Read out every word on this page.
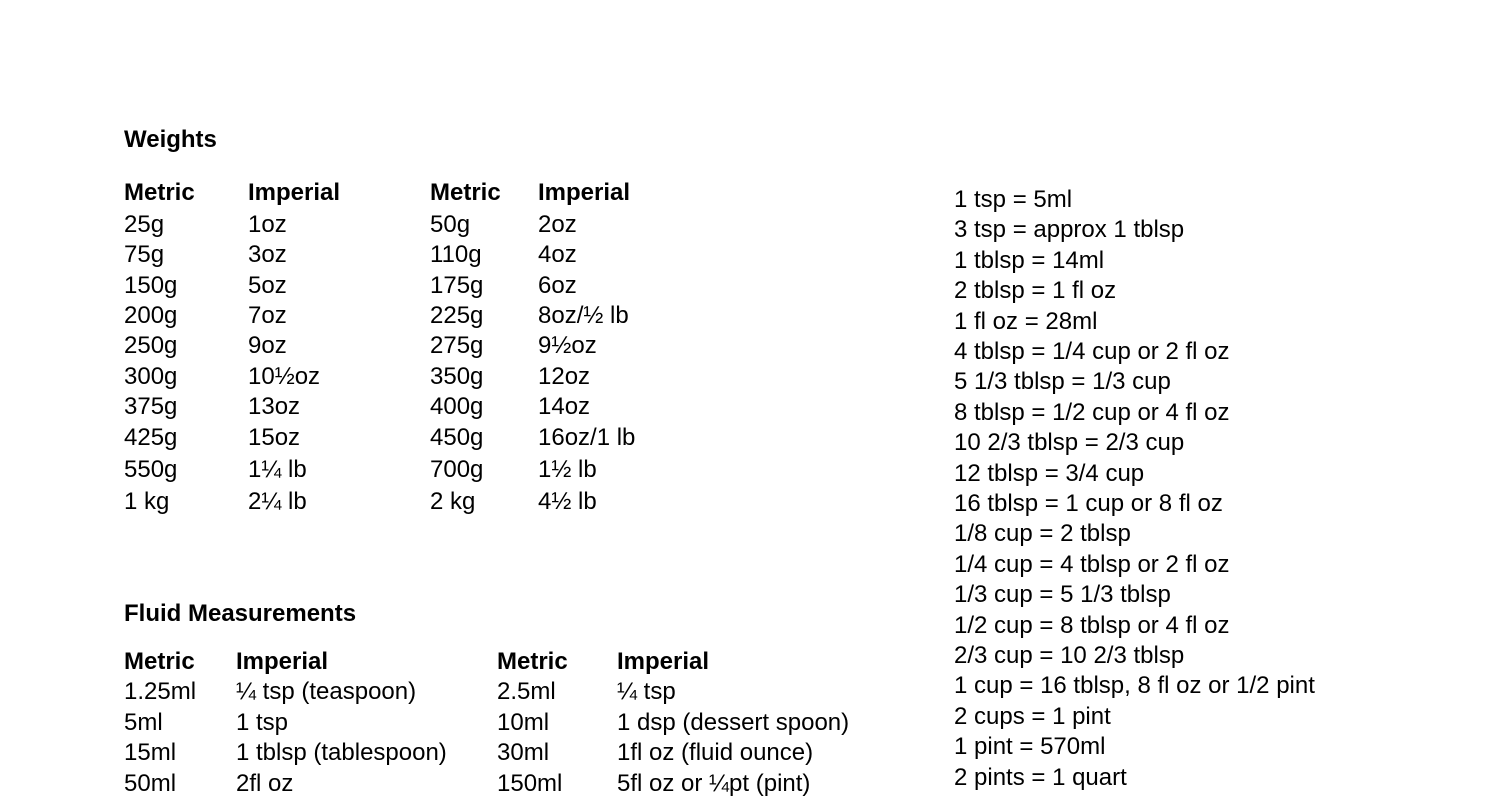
Weights
Metric Imperial	Metric Imperial
25g	1oz	50g	2oz
75g	3oz	110g 4oz
150g	5oz	175g 6oz
200g	7oz	225g 8oz/½ lb
250g	9oz	275g 9½oz
300g	10½oz	350g 12oz
375g	13oz	400g 14oz
425g	15oz	450g 16oz/1 lb
550g	1¼ lb	700g 1½ lb
1 kg	2¼ lb	2 kg	4½ lb
Fluid Measurements
Metric Imperial	Metric Imperial
1.25ml ¼ tsp (teaspoon)	2.5ml	¼ tsp
5ml	1 tsp	10ml	1 dsp (dessert spoon)
15ml 1 tblsp (tablespoon) 30ml	1fl oz (fluid ounce)
50ml 2fl oz	150ml 5fl oz or ¼pt (pint)
1 tsp = 5ml
3 tsp = approx 1 tblsp
1 tblsp = 14ml
2 tblsp = 1 fl oz
1 fl oz = 28ml
4 tblsp = 1/4 cup or 2 fl oz
5 1/3 tblsp = 1/3 cup
8 tblsp = 1/2 cup or 4 fl oz
10 2/3 tblsp = 2/3 cup
12 tblsp = 3/4 cup
16 tblsp = 1 cup or 8 fl oz
1/8 cup = 2 tblsp
1/4 cup = 4 tblsp or 2 fl oz
1/3 cup = 5 1/3 tblsp
1/2 cup = 8 tblsp or 4 fl oz
2/3 cup = 10 2/3 tblsp
1 cup = 16 tblsp, 8 fl oz or 1/2 pint
2 cups = 1 pint
1 pint = 570ml
2 pints = 1 quart
